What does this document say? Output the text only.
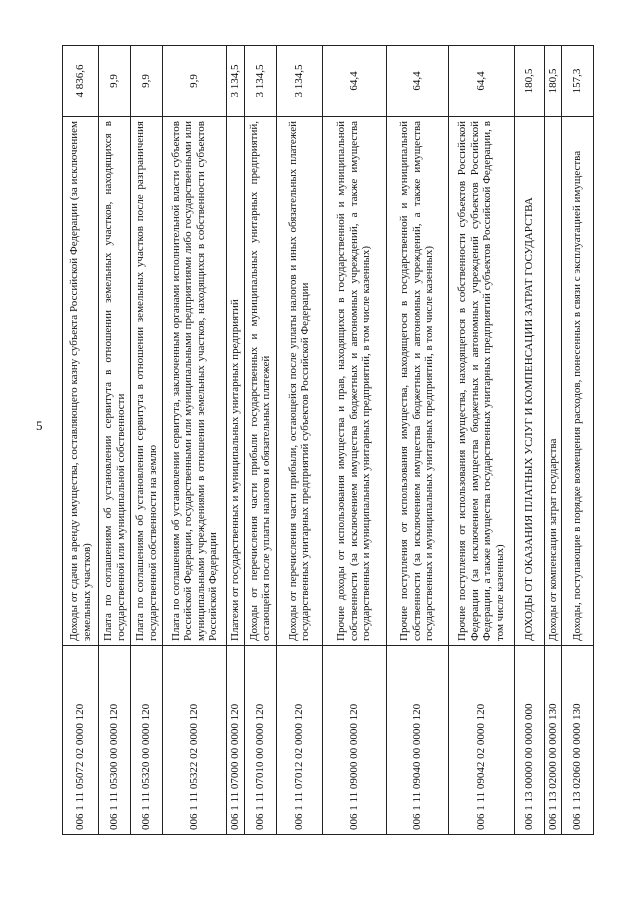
5
006 1 11 05072 02 0000 120	Доходы от сдачи в аренду имущества, составляющего казну субъекта Российской Федерации (за исключением земельных участков)	4 836,6
006 1 11 05300 00 0000 120	Плата по соглашениям об установлении сервитута в отношении земельных участков, находящихся в государственной или муниципальной собственности	9,9
006 1 11 05320 00 0000 120	Плата по соглашениям об установлении сервитута в отношении земельных участков после разграничения государственной собственности на землю	9,9
006 1 11 05322 02 0000 120	Плата по соглашениям об установлении сервитута, заключенным органами исполнительной власти субъектов Российской Федерации, государственными или муниципальными предприятиями либо государственными или муниципальными учреждениями в отношении земельных участков, находящихся в собственности субъектов Российской Федерации	9,9
006 1 11 07000 00 0000 120	Платежи от государственных и муниципальных унитарных предприятий	3 134,5
006 1 11 07010 00 0000 120	Доходы от перечисления части прибыли государственных и муниципальных унитарных предприятий, остающейся после уплаты налогов и обязательных платежей	3 134,5
006 1 11 07012 02 0000 120	Доходы от перечисления части прибыли, остающейся после уплаты налогов и иных обязательных платежей государственных унитарных предприятий субъектов Российской Федерации	3 134,5
006 1 11 09000 00 0000 120	Прочие доходы от использования имущества и прав, находящихся в государственной и муниципальной собственности (за исключением имущества бюджетных и автономных учреждений, а также имущества государственных и муниципальных унитарных предприятий, в том числе казенных)	64,4
006 1 11 09040 00 0000 120	Прочие поступления от использования имущества, находящегося в государственной и муниципальной собственности (за исключением имущества бюджетных и автономных учреждений, а также имущества государственных и муниципальных унитарных предприятий, в том числе казенных)	64,4
006 1 11 09042 02 0000 120	Прочие поступления от использования имущества, находящегося в собственности субъектов Российской Федерации (за исключением имущества бюджетных и автономных учреждений субъектов Российской Федерации, а также имущества государственных унитарных предприятий субъектов Российской Федерации, в том числе казенных)	64,4
006 1 13 00000 00 0000 000	ДОХОДЫ ОТ ОКАЗАНИЯ ПЛАТНЫХ УСЛУГ И КОМПЕНСАЦИИ ЗАТРАТ ГОСУДАРСТВА	180,5
006 1 13 02000 00 0000 130	Доходы от компенсации затрат государства	180,5
006 1 13 02060 00 0000 130	Доходы, поступающие в порядке возмещения расходов, понесенных в связи с эксплуатацией имущества	157,3
